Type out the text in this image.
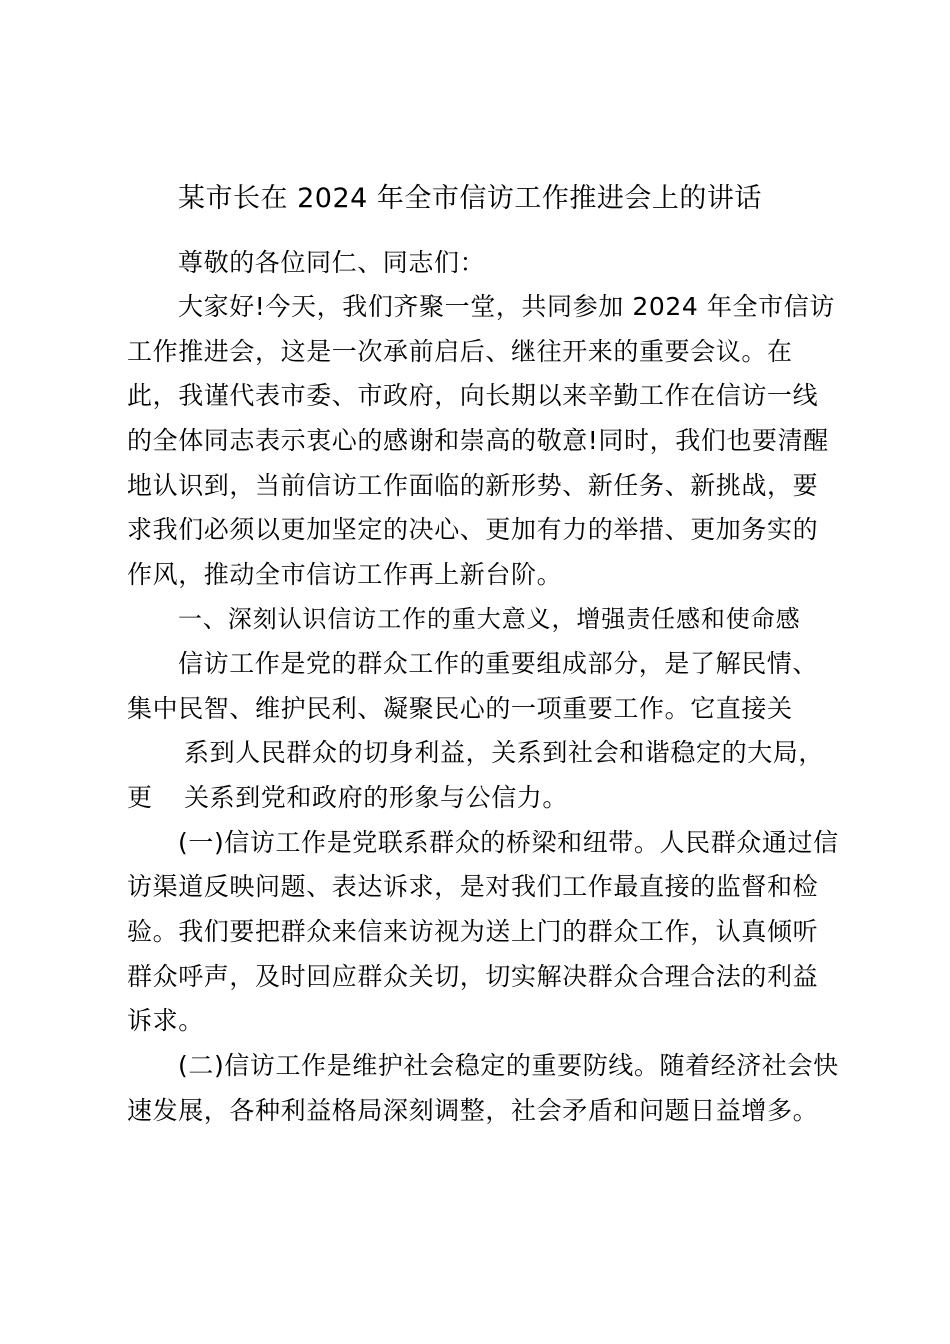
某市长在 2024 年全市信访工作推进会上的讲话
尊敬的各位同仁、同志们：
大家好!今天，我们齐聚一堂，共同参加 2024 年全市信访
工作推进会，这是一次承前启后、继往开来的重要会议。在
此，我谨代表市委、市政府，向长期以来辛勤工作在信访一线
的全体同志表示衷心的感谢和崇高的敬意!同时，我们也要清醒
地认识到，当前信访工作面临的新形势、新任务、新挑战，要
求我们必须以更加坚定的决心、更加有力的举措、更加务实的
作风，推动全市信访工作再上新台阶。
一、深刻认识信访工作的重大意义，增强责任感和使命感
信访工作是党的群众工作的重要组成部分，是了解民情、
集中民智、维护民利、凝聚民心的一项重要工作。它直接关
系到人民群众的切身利益，关系到社会和谐稳定的大局，
更 关系到党和政府的形象与公信力。
(一)信访工作是党联系群众的桥梁和纽带。人民群众通过信
访渠道反映问题、表达诉求，是对我们工作最直接的监督和检
验。我们要把群众来信来访视为送上门的群众工作，认真倾听
群众呼声，及时回应群众关切，切实解决群众合理合法的利益
诉求。
(二)信访工作是维护社会稳定的重要防线。随着经济社会快
速发展，各种利益格局深刻调整，社会矛盾和问题日益增多。
